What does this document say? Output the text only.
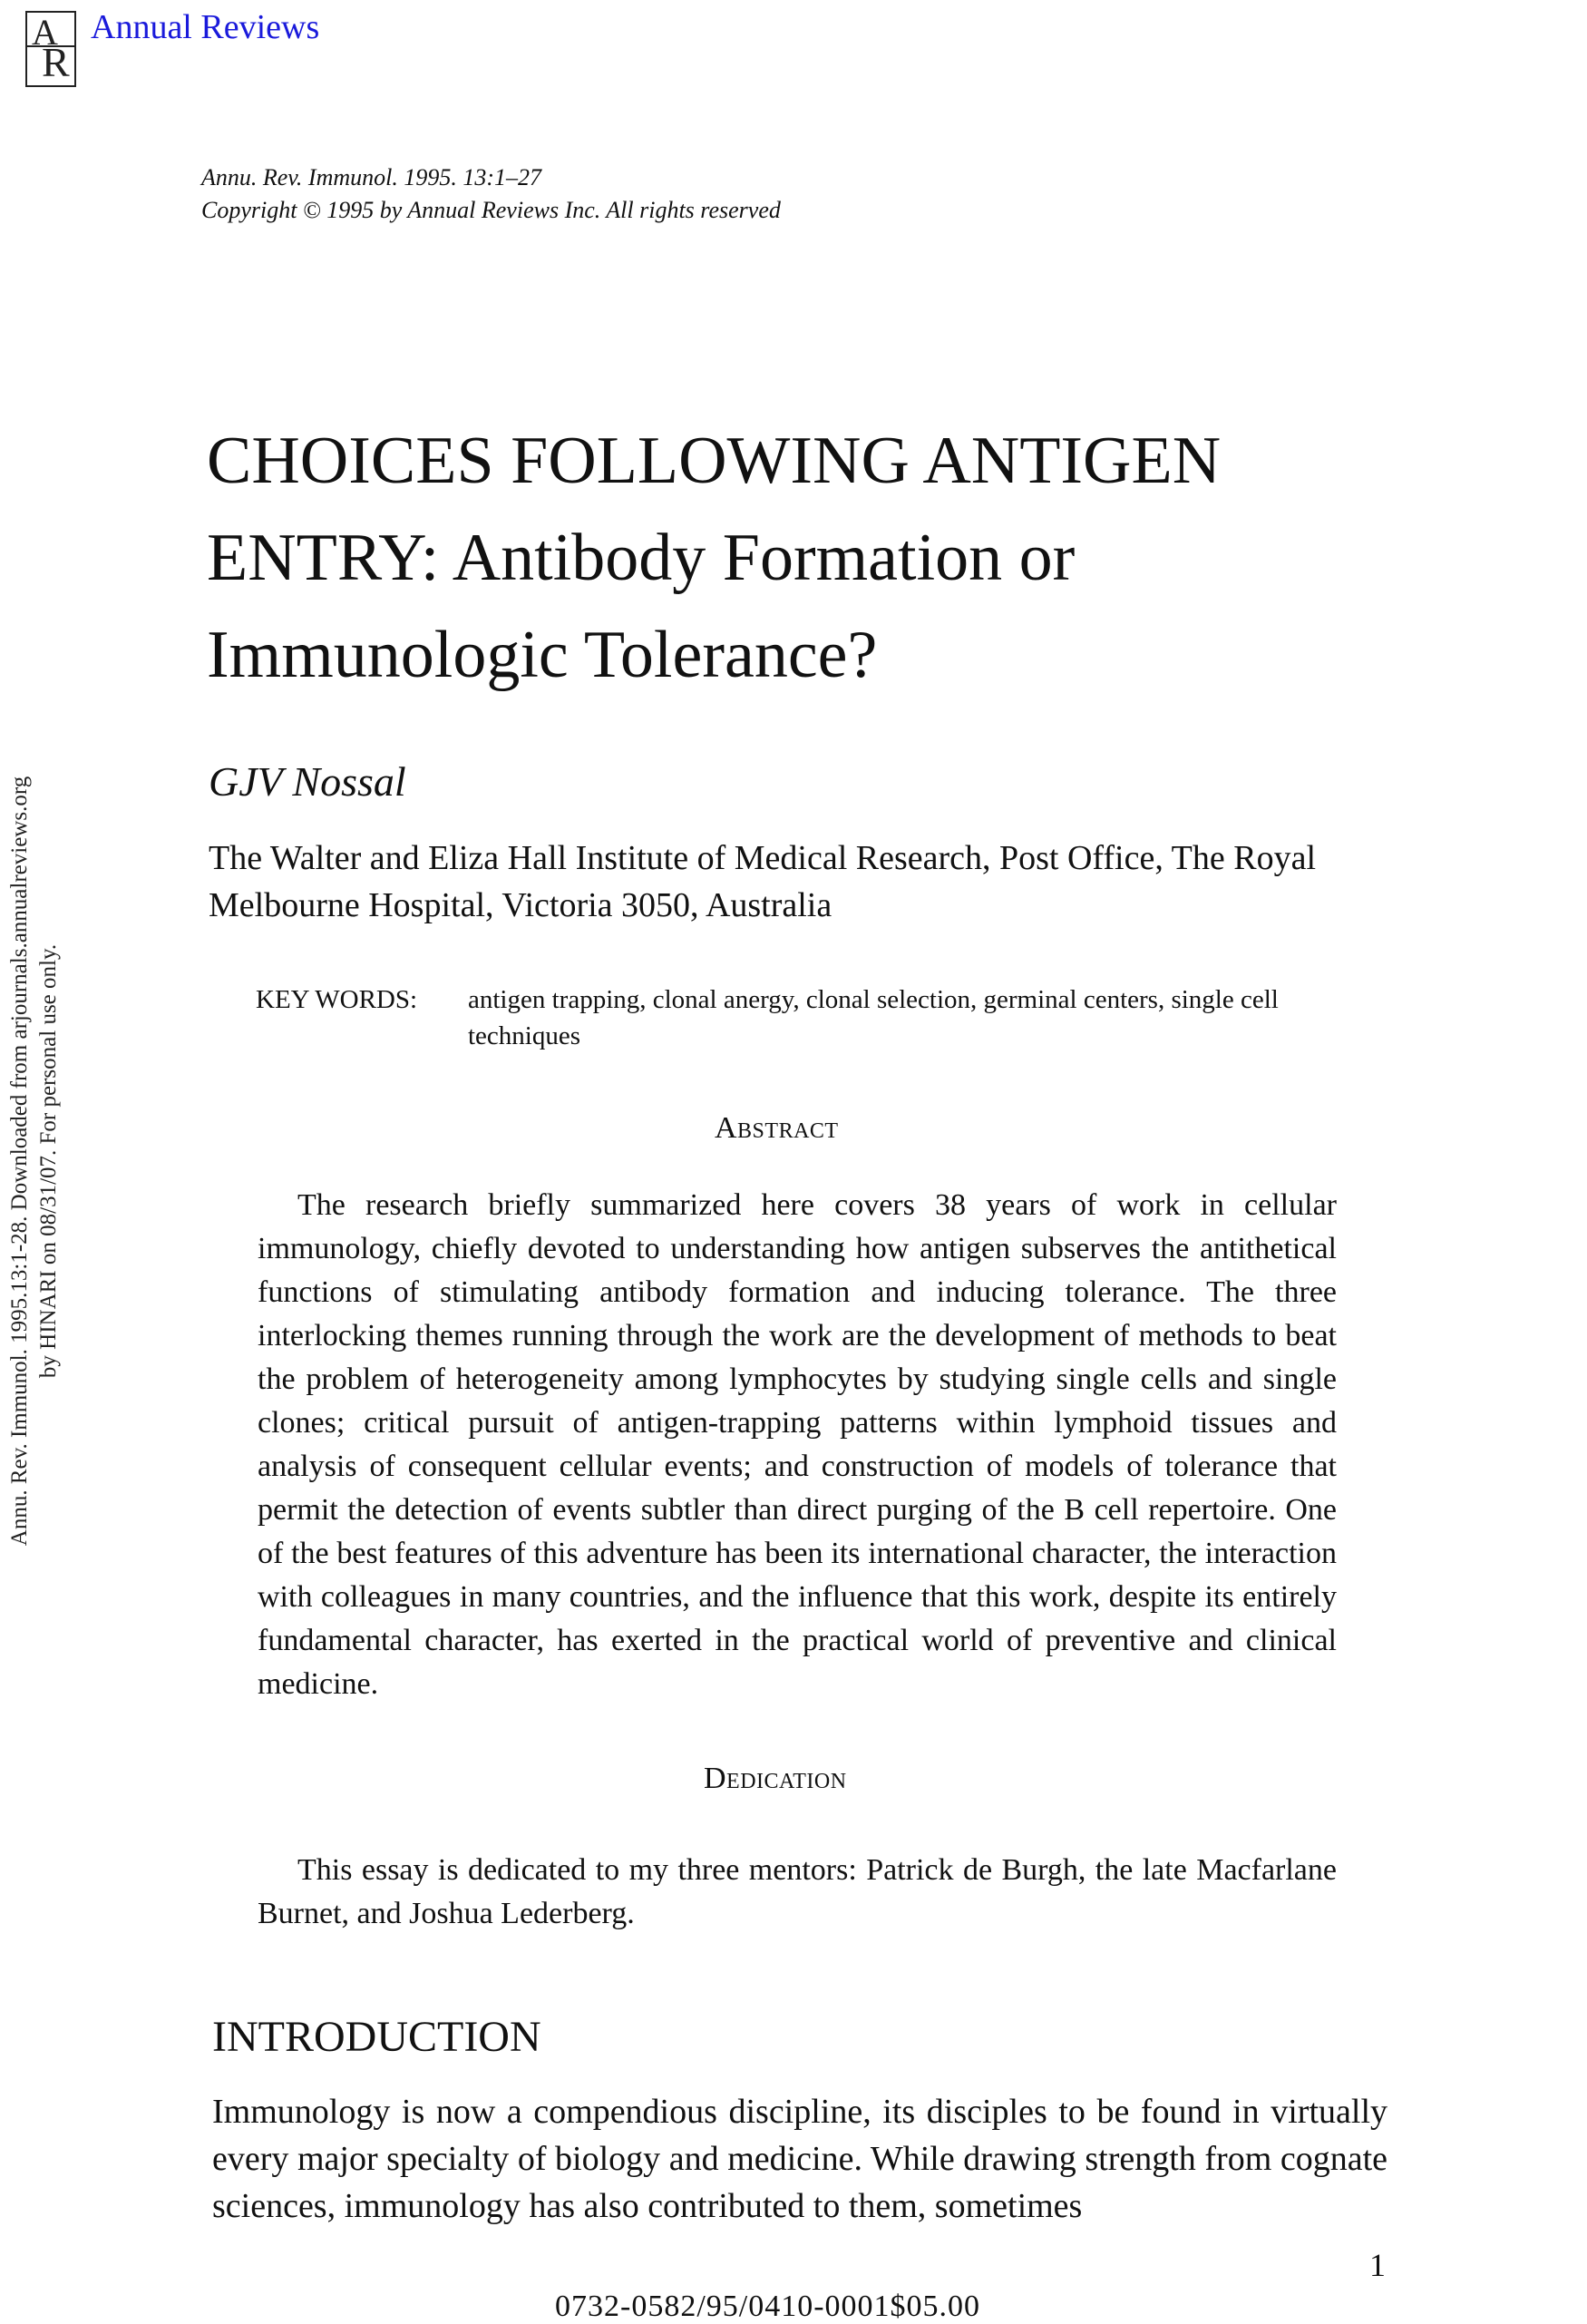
A
R
Annual Reviews
Annu. Rev. Immunol. 1995. 13:1–27
Copyright © 1995 by Annual Reviews Inc. All rights reserved
Annu. Rev. Immunol. 1995.13:1-28. Downloaded from arjournals.annualreviews.org by HINARI on 08/31/07. For personal use only.
CHOICES FOLLOWING ANTIGEN
ENTRY: Antibody Formation or
Immunologic Tolerance?
GJV Nossal
The Walter and Eliza Hall Institute of Medical Research, Post Office, The Royal Melbourne Hospital, Victoria 3050, Australia
KEY WORDS: antigen trapping, clonal anergy, clonal selection, germinal centers, single cell techniques
Abstract

The research briefly summarized here covers 38 years of work in cellular immunology, chiefly devoted to understanding how antigen subserves the antithetical functions of stimulating antibody formation and inducing tolerance. The three interlocking themes running through the work are the development of methods to beat the problem of heterogeneity among lymphocytes by studying single cells and single clones; critical pursuit of antigen-trapping patterns within lymphoid tissues and analysis of consequent cellular events; and construction of models of tolerance that permit the detection of events subtler than direct purging of the B cell repertoire. One of the best features of this adventure has been its international character, the interaction with colleagues in many countries, and the influence that this work, despite its entirely fundamental character, has exerted in the practical world of preventive and clinical medicine.

Dedication

This essay is dedicated to my three mentors: Patrick de Burgh, the late Macfarlane Burnet, and Joshua Lederberg.

INTRODUCTION

Immunology is now a compendious discipline, its disciples to be found in virtually every major specialty of biology and medicine. While drawing strength from cognate sciences, immunology has also contributed to them, sometimes

1
0732-0582/95/0410-0001$05.00
